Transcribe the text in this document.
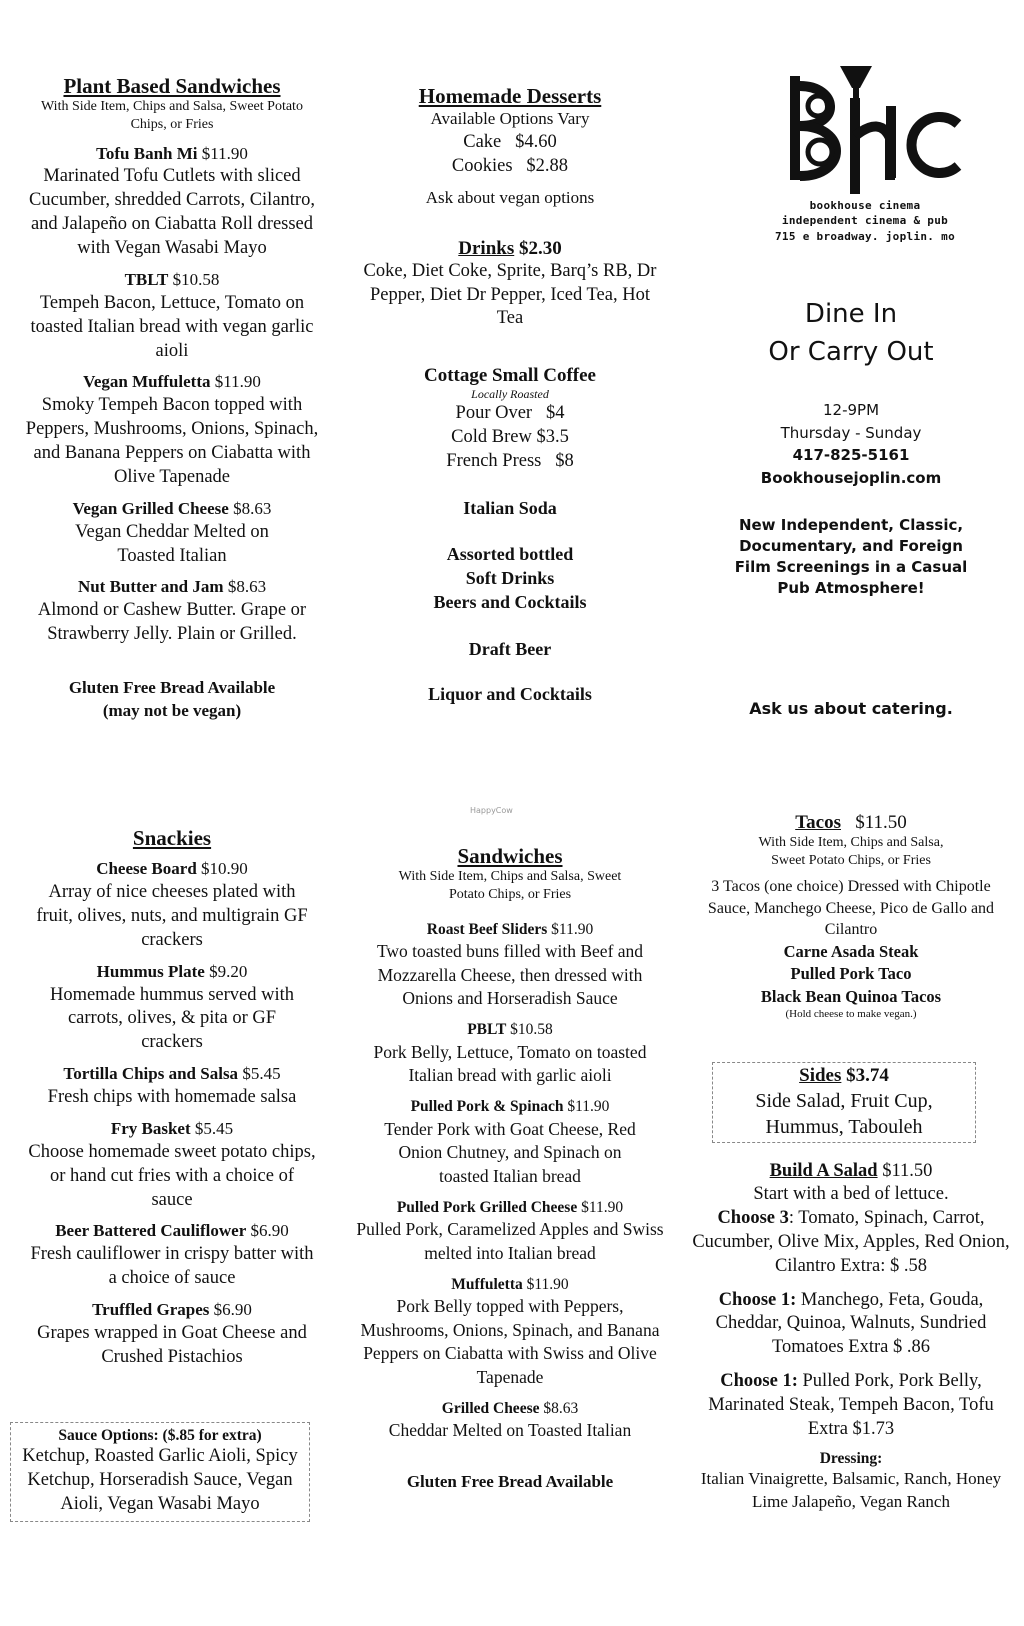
Plant Based Sandwiches
With Side Item, Chips and Salsa, Sweet Potato Chips, or Fries
Tofu Banh Mi $11.90
Marinated Tofu Cutlets with sliced Cucumber, shredded Carrots, Cilantro, and Jalapeño on Ciabatta Roll dressed with Vegan Wasabi Mayo
TBLT $10.58
Tempeh Bacon, Lettuce, Tomato on toasted Italian bread with vegan garlic aioli
Vegan Muffuletta $11.90
Smoky Tempeh Bacon topped with Peppers, Mushrooms, Onions, Spinach, and Banana Peppers on Ciabatta with Olive Tapenade
Vegan Grilled Cheese $8.63
Vegan Cheddar Melted on Toasted Italian
Nut Butter and Jam $8.63
Almond or Cashew Butter. Grape or Strawberry Jelly. Plain or Grilled.
Gluten Free Bread Available
(may not be vegan)
Homemade Desserts
Available Options Vary
Cake   $4.60
Cookies   $2.88
Ask about vegan options
Drinks $2.30
Coke, Diet Coke, Sprite, Barq’s RB, Dr Pepper, Diet Dr Pepper, Iced Tea, Hot Tea
Cottage Small Coffee
Locally Roasted
Pour Over   $4
Cold Brew $3.5
French Press   $8
Italian Soda
Assorted bottled
Soft Drinks
Beers and Cocktails
Draft Beer
Liquor and Cocktails
bookhouse cinema
independent cinema & pub
715 e broadway. joplin. mo
Dine In
Or Carry Out
12-9PM
Thursday - Sunday
417-825-5161
Bookhousejoplin.com
New Independent, Classic, Documentary, and Foreign Film Screenings in a Casual Pub Atmosphere!
Ask us about catering.
HappyCow
Snackies
Cheese Board $10.90
Array of nice cheeses plated with fruit, olives, nuts, and multigrain GF crackers
Hummus Plate $9.20
Homemade hummus served with carrots, olives, & pita or GF crackers
Tortilla Chips and Salsa $5.45
Fresh chips with homemade salsa
Fry Basket $5.45
Choose homemade sweet potato chips, or hand cut fries with a choice of sauce
Beer Battered Cauliflower $6.90
Fresh cauliflower in crispy batter with a choice of sauce
Truffled Grapes $6.90
Grapes wrapped in Goat Cheese and Crushed Pistachios
Sauce Options: ($.85 for extra)
Ketchup, Roasted Garlic Aioli, Spicy Ketchup, Horseradish Sauce, Vegan Aioli, Vegan Wasabi Mayo
Sandwiches
With Side Item, Chips and Salsa, Sweet Potato Chips, or Fries
Roast Beef Sliders $11.90
Two toasted buns filled with Beef and Mozzarella Cheese, then dressed with Onions and Horseradish Sauce
PBLT $10.58
Pork Belly, Lettuce, Tomato on toasted Italian bread with garlic aioli
Pulled Pork & Spinach $11.90
Tender Pork with Goat Cheese, Red Onion Chutney, and Spinach on toasted Italian bread
Pulled Pork Grilled Cheese $11.90
Pulled Pork, Caramelized Apples and Swiss melted into Italian bread
Muffuletta $11.90
Pork Belly topped with Peppers, Mushrooms, Onions, Spinach, and Banana Peppers on Ciabatta with Swiss and Olive Tapenade
Grilled Cheese $8.63
Cheddar Melted on Toasted Italian
Gluten Free Bread Available
Tacos   $11.50
With Side Item, Chips and Salsa, Sweet Potato Chips, or Fries
3 Tacos (one choice) Dressed with Chipotle Sauce, Manchego Cheese, Pico de Gallo and Cilantro
Carne Asada Steak
Pulled Pork Taco
Black Bean Quinoa Tacos
(Hold cheese to make vegan.)
Sides $3.74
Side Salad, Fruit Cup, Hummus, Tabouleh
Build A Salad $11.50
Start with a bed of lettuce.
Choose 3: Tomato, Spinach, Carrot, Cucumber, Olive Mix, Apples, Red Onion, Cilantro Extra: $ .58
Choose 1: Manchego, Feta, Gouda, Cheddar, Quinoa, Walnuts, Sundried Tomatoes Extra $ .86
Choose 1: Pulled Pork, Pork Belly, Marinated Steak, Tempeh Bacon, Tofu Extra $1.73
Dressing:
Italian Vinaigrette, Balsamic, Ranch, Honey Lime Jalapeño, Vegan Ranch
